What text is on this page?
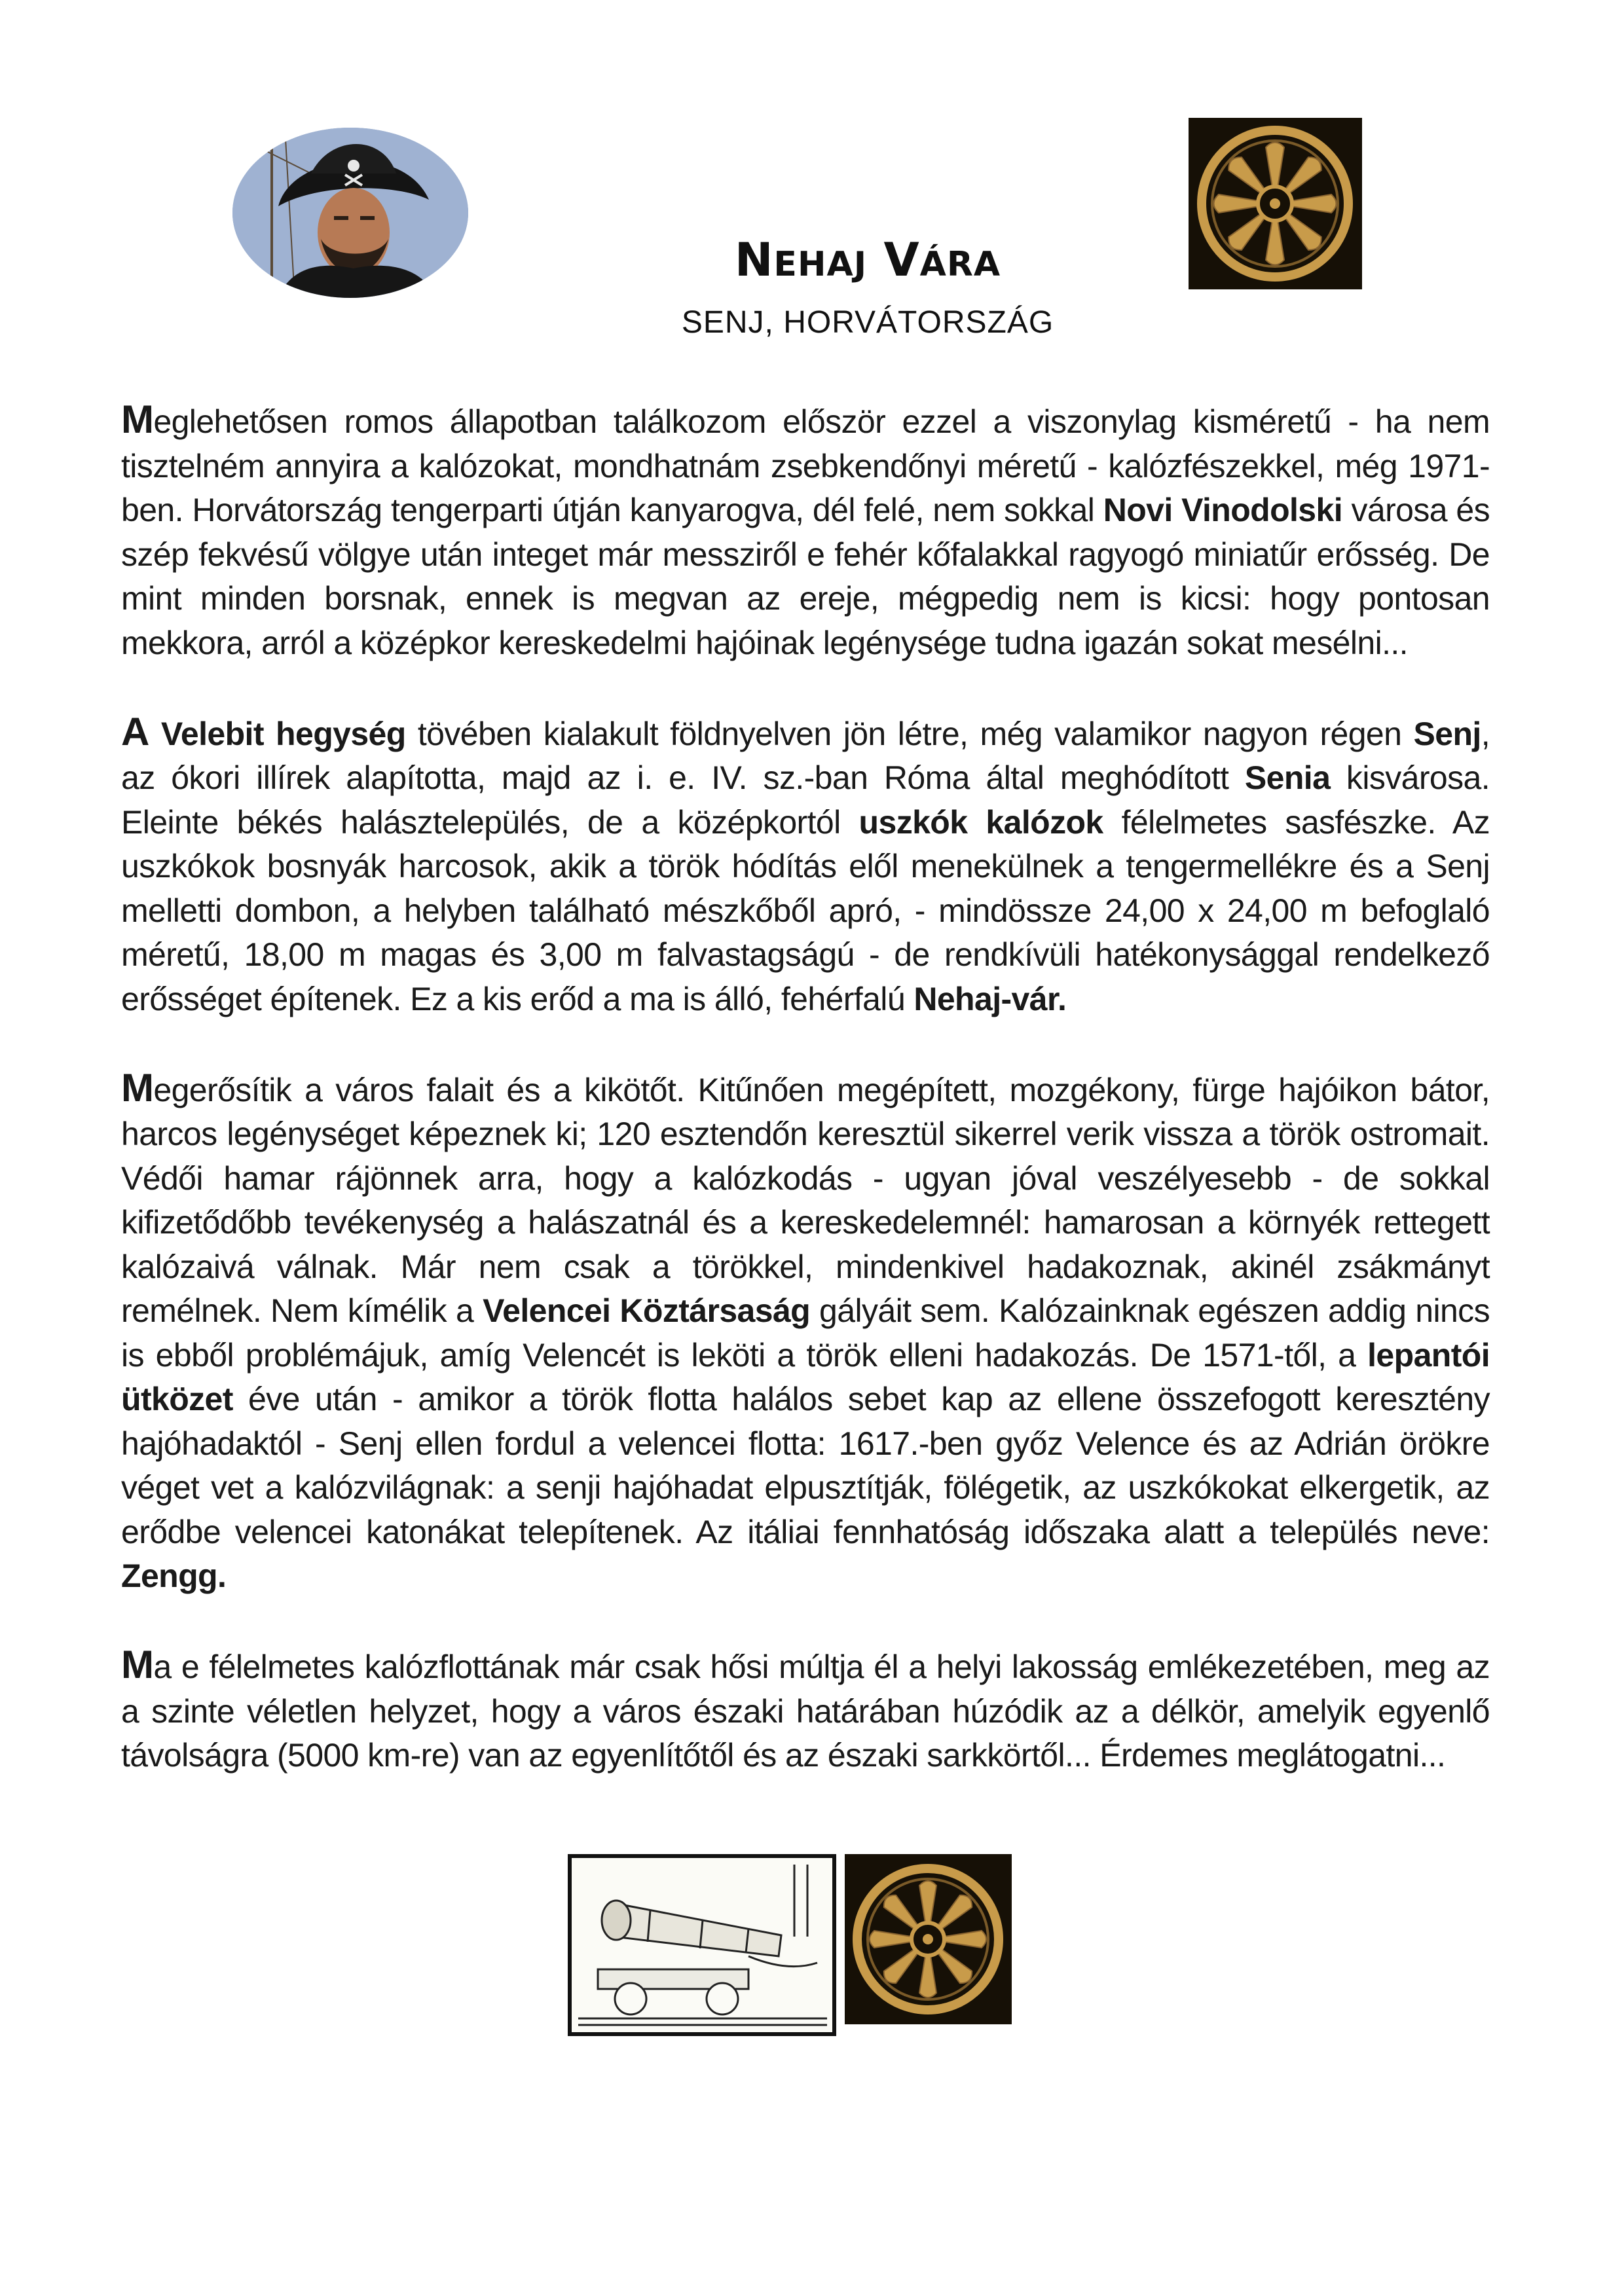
NEHAJ VÁRA
SENJ, HORVÁTORSZÁG

Meglehetősen romos állapotban találkozom először ezzel a viszonylag kisméretű - ha nem tisztelném annyira a kalózokat, mondhatnám zsebkendőnyi méretű - kalózfészekkel, még 1971-ben. Horvátország tengerparti útján kanyarogva, dél felé, nem sokkal Novi Vinodolski városa és szép fekvésű völgye után integet már messziről e fehér kőfalakkal ragyogó miniatűr erősség. De mint minden borsnak, ennek is megvan az ereje, mégpedig nem is kicsi: hogy pontosan mekkora, arról a középkor kereskedelmi hajóinak legénysége tudna igazán sokat mesélni...

A Velebit hegység tövében kialakult földnyelven jön létre, még valamikor nagyon régen Senj, az ókori illírek alapította, majd az i. e. IV. sz.-ban Róma által meghódított Senia kisvárosa. Eleinte békés halásztelepülés, de a középkortól uszkók kalózok félelmetes sasfészke. Az uszkókok bosnyák harcosok, akik a török hódítás elől menekülnek a tengermellékre és a Senj melletti dombon, a helyben található mészkőből apró, - mindössze 24,00 x 24,00 m befoglaló méretű, 18,00 m magas és 3,00 m falvastagságú - de rendkívüli hatékonysággal rendelkező erősséget építenek. Ez a kis erőd a ma is álló, fehérfalú Nehaj-vár.

Megerősítik a város falait és a kikötőt. Kitűnően megépített, mozgékony, fürge hajóikon bátor, harcos legénységet képeznek ki; 120 esztendőn keresztül sikerrel verik vissza a török ostromait. Védői hamar rájönnek arra, hogy a kalózkodás - ugyan jóval veszélyesebb - de sokkal kifizetődőbb tevékenység a halászatnál és a kereskedelemnél: hamarosan a környék rettegett kalózaivá válnak. Már nem csak a törökkel, mindenkivel hadakoznak, akinél zsákmányt remélnek. Nem kímélik a Velencei Köztársaság gályáit sem. Kalózainknak egészen addig nincs is ebből problémájuk, amíg Velencét is leköti a török elleni hadakozás. De 1571-től, a lepantói ütközet éve után - amikor a török flotta halálos sebet kap az ellene összefogott keresztény hajóhadaktól - Senj ellen fordul a velencei flotta: 1617.-ben győz Velence és az Adrián örökre véget vet a kalózvilágnak: a senji hajóhadat elpusztítják, fölégetik, az uszkókokat elkergetik, az erődbe velencei katonákat telepítenek. Az itáliai fennhatóság időszaka alatt a település neve: Zengg.

Ma e félelmetes kalózflottának már csak hősi múltja él a helyi lakosság emlékezetében, meg az a szinte véletlen helyzet, hogy a város északi határában húzódik az a délkör, amelyik egyenlő távolságra (5000 km-re) van az egyenlítőtől és az északi sarkkörtől... Érdemes meglátogatni...
